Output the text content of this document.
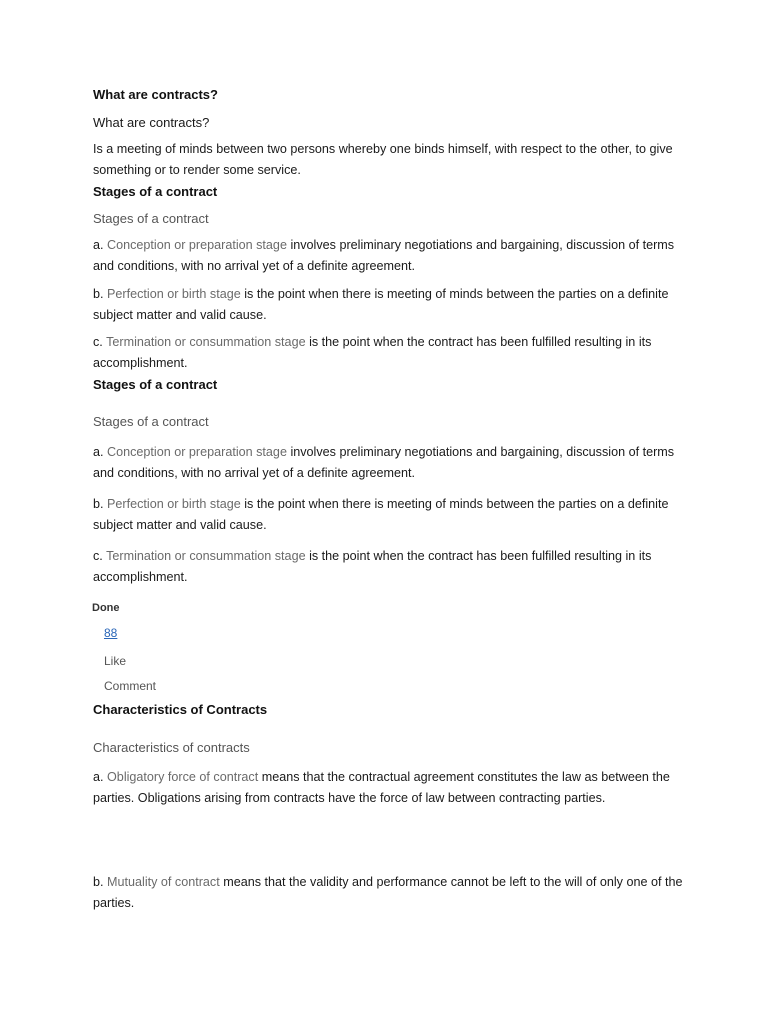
What are contracts?
What are contracts?
Is a meeting of minds between two persons whereby one binds himself, with respect to the other, to give something or to render some service.
Stages of a contract
Stages of a contract
a. Conception or preparation stage involves preliminary negotiations and bargaining, discussion of terms and conditions, with no arrival yet of a definite agreement.
b. Perfection or birth stage is the point when there is meeting of minds between the parties on a definite subject matter and valid cause.
c. Termination or consummation stage is the point when the contract has been fulfilled resulting in its accomplishment.
Stages of a contract
Stages of a contract
a. Conception or preparation stage involves preliminary negotiations and bargaining, discussion of terms and conditions, with no arrival yet of a definite agreement.
b. Perfection or birth stage is the point when there is meeting of minds between the parties on a definite subject matter and valid cause.
c. Termination or consummation stage is the point when the contract has been fulfilled resulting in its accomplishment.
Done
88
Like
Comment
Characteristics of Contracts
Characteristics of contracts
a. Obligatory force of contract means that the contractual agreement constitutes the law as between the parties. Obligations arising from contracts have the force of law between contracting parties.
b. Mutuality of contract means that the validity and performance cannot be left to the will of only one of the parties.
